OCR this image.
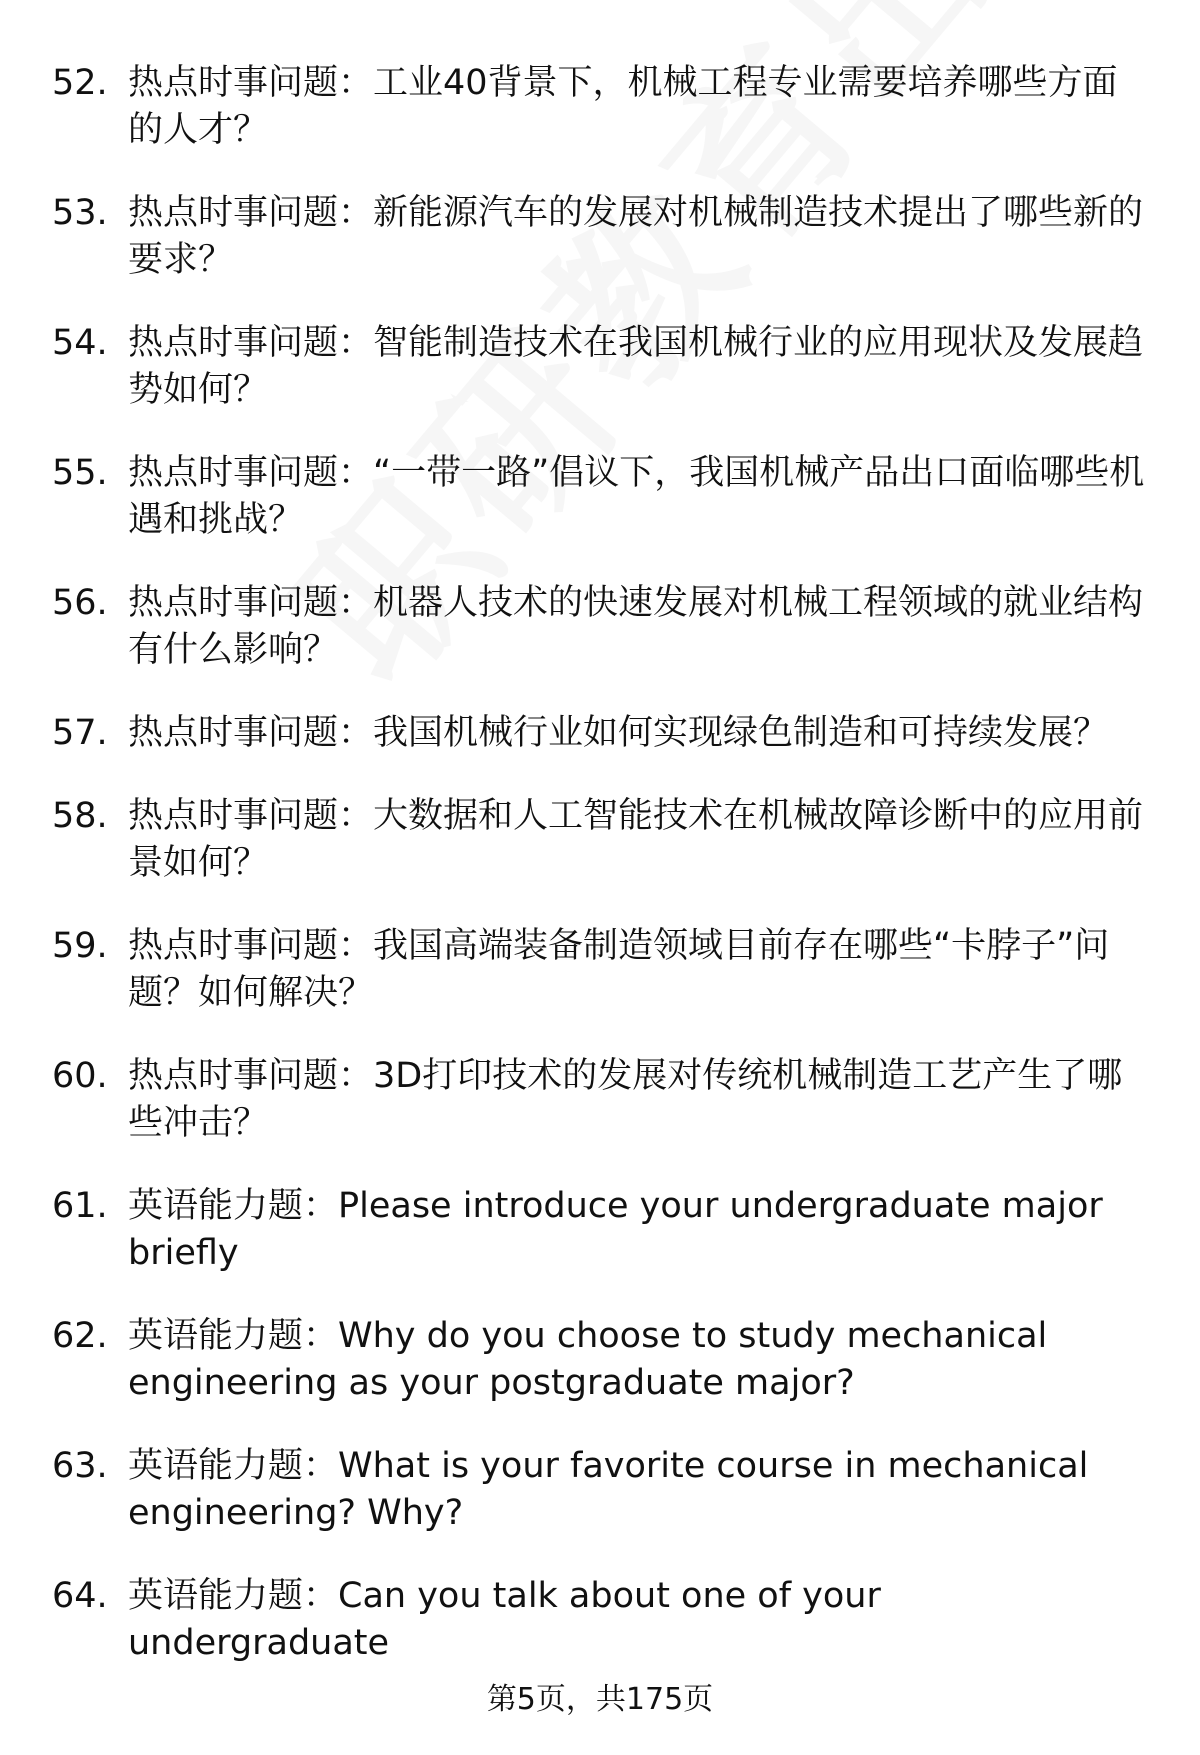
52. 热点时事问题：工业40背景下，机械工程专业需要培养哪些方面的人才？
53. 热点时事问题：新能源汽车的发展对机械制造技术提出了哪些新的要求？
54. 热点时事问题：智能制造技术在我国机械行业的应用现状及发展趋势如何？
55. 热点时事问题：“一带一路”倡议下，我国机械产品出口面临哪些机遇和挑战？
56. 热点时事问题：机器人技术的快速发展对机械工程领域的就业结构有什么影响？
57. 热点时事问题：我国机械行业如何实现绿色制造和可持续发展？
58. 热点时事问题：大数据和人工智能技术在机械故障诊断中的应用前景如何？
59. 热点时事问题：我国高端装备制造领域目前存在哪些“卡脖子”问题？如何解决？
60. 热点时事问题：3D打印技术的发展对传统机械制造工艺产生了哪些冲击？
61. 英语能力题：Please introduce your undergraduate major briefly
62. 英语能力题：Why do you choose to study mechanical engineering as your postgraduate major?
63. 英语能力题：What is your favorite course in mechanical engineering? Why?
64. 英语能力题：Can you talk about one of your undergraduate
第5页，共175页
